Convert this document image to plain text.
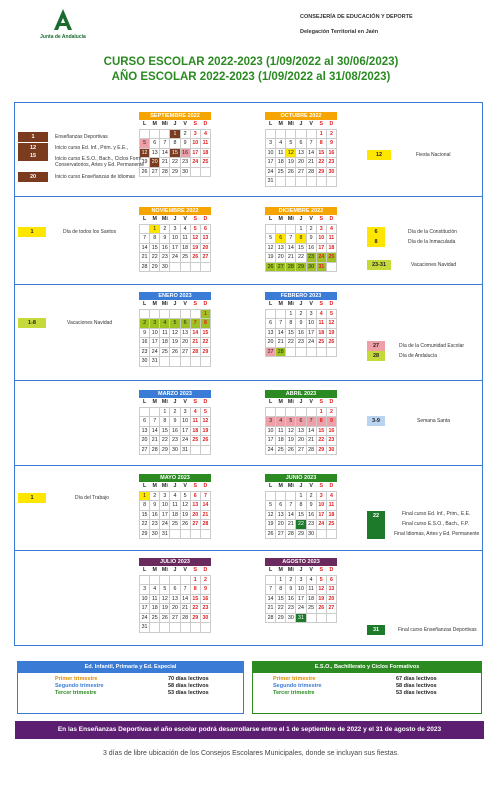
Junta de Andalucía
CONSEJERÍA DE EDUCACIÓN Y DEPORTE
Delegación Territorial en Jaén
CURSO ESCOLAR 2022-2023 (1/09/2022 al 30/06/2023)
AÑO ESCOLAR 2022-2023 (1/09/2022 al 31/08/2023)
SEPTIEMBRE 2022
L	M	Mi	J	V	S	D
			1	2	3	4
5	6	7	8	9	10	11
12	13	14	15	16	17	18
19	20	21	22	23	24	25
26	27	28	29	30		
OCTUBRE 2022
L	M	Mi	J	V	S	D
					1	2
3	4	5	6	7	8	9
10	11	12	13	14	15	16
17	18	19	20	21	22	23
24	25	26	27	28	29	30
31						
NOVIEMBRE 2022
L	M	Mi	J	V	S	D
	1	2	3	4	5	6
7	8	9	10	11	12	13
14	15	16	17	18	19	20
21	22	23	24	25	26	27
28	29	30				
DICIEMBRE 2022
L	M	Mi	J	V	S	D
			1	2	3	4
5	6	7	8	9	10	11
12	13	14	15	16	17	18
19	20	21	22	23	24	25
26	27	28	29	30	31	
ENERO 2023
L	M	Mi	J	V	S	D
						1
2	3	4	5	6	7	8
9	10	11	12	13	14	15
16	17	18	19	20	21	22
23	24	25	26	27	28	29
30	31					
FEBRERO 2023
L	M	Mi	J	V	S	D
		1	2	3	4	5
6	7	8	9	10	11	12
13	14	15	16	17	18	19
20	21	22	23	24	25	26
27	28					
MARZO 2023
L	M	Mi	J	V	S	D
		1	2	3	4	5
6	7	8	9	10	11	12
13	14	15	16	17	18	19
20	21	22	23	24	25	26
27	28	29	30	31		
ABRIL 2023
L	M	Mi	J	V	S	D
					1	2
3	4	5	6	7	8	9
10	11	12	13	14	15	16
17	18	19	20	21	22	23
24	25	26	27	28	29	30
MAYO 2023
L	M	Mi	J	V	S	D
1	2	3	4	5	6	7
8	9	10	11	12	13	14
15	16	17	18	19	20	21
22	23	24	25	26	27	28
29	30	31				
JUNIO 2023
L	M	Mi	J	V	S	D
			1	2	3	4
5	6	7	8	9	10	11
12	13	14	15	16	17	18
19	20	21	22	23	24	25
26	27	28	29	30		
JULIO 2023
L	M	Mi	J	V	S	D
					1	2
3	4	5	6	7	8	9
10	11	12	13	14	15	16
17	18	19	20	21	22	23
24	25	26	27	28	29	30
31						
AGOSTO 2023
L	M	Mi	J	V	S	D
	1	2	3	4	5	6
7	8	9	10	11	12	13
14	15	16	17	18	19	20
21	22	23	24	25	26	27
28	29	30	31			
1	Enseñanzas Deportivas
12	Inicio curso Ed. Inf., Prim. y E.E.,
15	Inicio curso E.S.O., Bach., Ciclos Form.,
Conservatorios, Artes y Ed. Permanente
20	Inicio curso Enseñanzas de Idiomas
12	Fiesta Nacional
1	Día de todos los Santos	6	Día de la Constitución
8	Día de la Inmaculada
23-31	Vacaciones Navidad
1-8	Vacaciones Navidad
27	Día de la Comunidad Escolar
28	Día de Andalucía
3-9	Semana Santa
1	Día del Trabajo
22	Final curso Ed. Inf., Prim., E.E.
Final curso E.S.O., Bach., F.P.
Final Idiomas, Artes y Ed. Permanente
31	Final curso Enseñanzas Deportivas
Ed. Infantil, Primaria y Ed. Especial
Primer trimestre	70 días lectivos
Segundo trimestre	58 días lectivos
Tercer trimestre	53 días lectivos
E.S.O., Bachillerato y Ciclos Formativos
Primer trimestre	67 días lectivos
Segundo trimestre	58 días lectivos
Tercer trimestre	53 días lectivos
En las Enseñanzas Deportivas el año escolar podrá desarrollarse entre el 1 de septiembre de 2022 y el 31 de agosto de 2023
3 días de libre ubicación de los Consejos Escolares Municipales, donde se incluyan sus fiestas.
